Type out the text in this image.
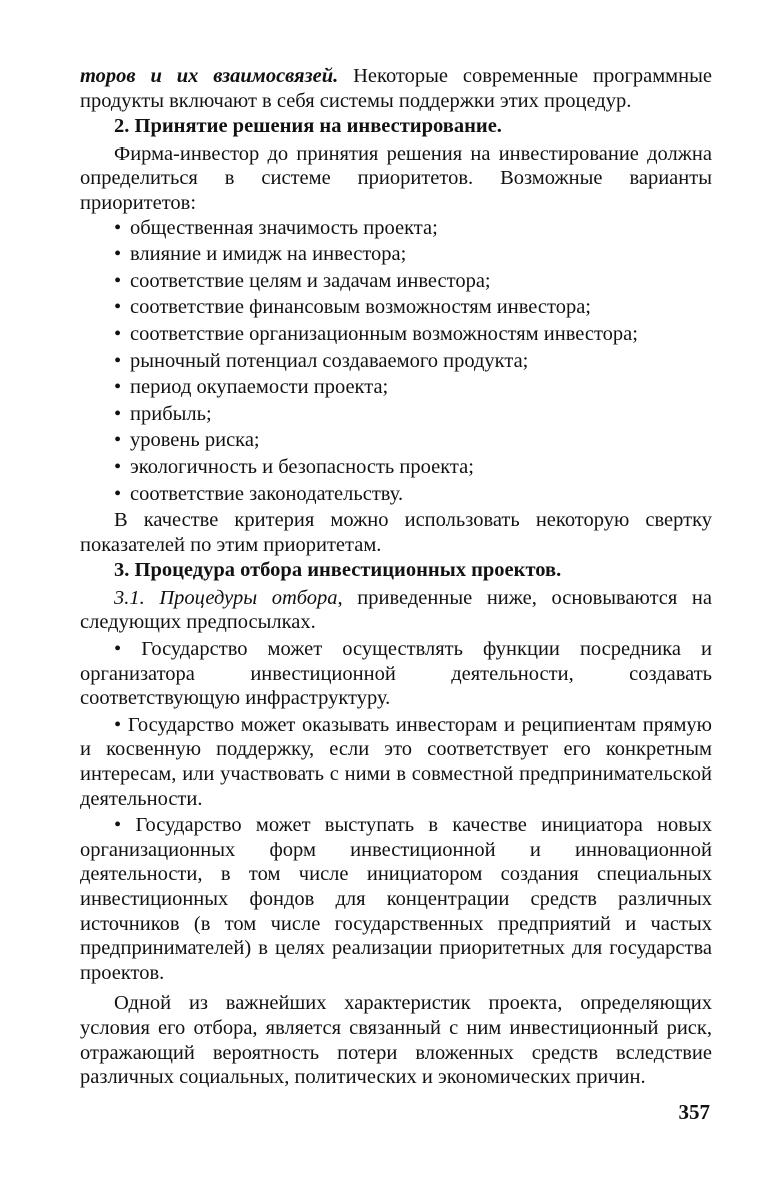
торов и их взаимосвязей. Некоторые современные программные продукты включают в себя системы поддержки этих процедур.

2. Принятие решения на инвестирование.

Фирма-инвестор до принятия решения на инвестирование должна определиться в системе приоритетов. Возможные варианты приоритетов:

• общественная значимость проекта;
• влияние и имидж на инвестора;
• соответствие целям и задачам инвестора;
• соответствие финансовым возможностям инвестора;
• соответствие организационным возможностям инвестора;
• рыночный потенциал создаваемого продукта;
• период окупаемости проекта;
• прибыль;
• уровень риска;
• экологичность и безопасность проекта;
• соответствие законодательству.

В качестве критерия можно использовать некоторую свертку показателей по этим приоритетам.

3. Процедура отбора инвестиционных проектов.

3.1. Процедуры отбора, приведенные ниже, основываются на следующих предпосылках.

• Государство может осуществлять функции посредника и организатора инвестиционной деятельности, создавать соответствующую инфраструктуру.

• Государство может оказывать инвесторам и реципиентам прямую и косвенную поддержку, если это соответствует его конкретным интересам, или участвовать с ними в совместной предпринимательской деятельности.

• Государство может выступать в качестве инициатора новых организационных форм инвестиционной и инновационной деятельности, в том числе инициатором создания специальных инвестиционных фондов для концентрации средств различных источников (в том числе государственных предприятий и частых предпринимателей) в целях реализации приоритетных для государства проектов.

Одной из важнейших характеристик проекта, определяющих условия его отбора, является связанный с ним инвестиционный риск, отражающий вероятность потери вложенных средств вследствие различных социальных, политических и экономических причин.

357
